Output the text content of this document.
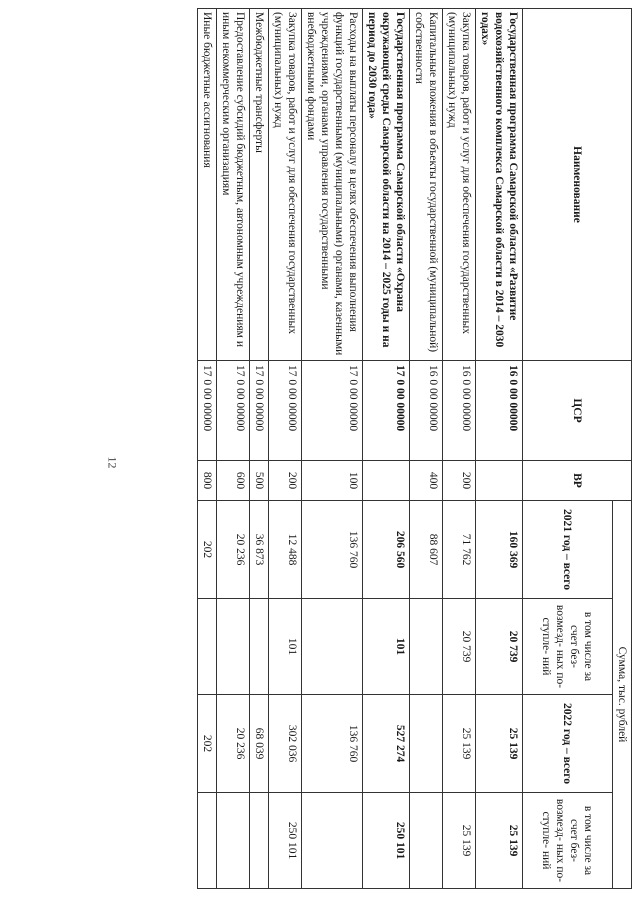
12
Наименование	ЦСР	ВР	Сумма, тыс. рублей			
			2021 год – всего	в том числе за счет без- возмезд- ных по- ступле- ний	2022 год – всего	в том числе за счет без- возмезд- ных по- ступле- ний
Государственная программа Самарской области «Развитие водохозяйственного комплекса Самарской области в 2014 – 2030 годах»	16 0 00 00000		160 369	20 739	25 139	25 139
Закупка товаров, работ и услуг для обеспечения государственных (муниципальных) нужд	16 0 00 00000	200	71 762	20 739	25 139	25 139
Капитальные вложения в объекты государственной (муниципальной) собственности	16 0 00 00000	400	88 607			
Государственная программа Самарской области «Охрана окружающей среды Самарской области на 2014 – 2025 годы и на период до 2030 года»	17 0 00 00000		206 560	101	527 274	250 101
Расходы на выплаты персоналу в целях обеспечения выполнения функций государственными (муниципальными) органами, казенными учреждениями, органами управления государственными внебюджетными фондами	17 0 00 00000	100	136 760		136 760	
Закупка товаров, работ и услуг для обеспечения государственных (муниципальных) нужд	17 0 00 00000	200	12 488	101	302 036	250 101
Межбюджетные трансферты	17 0 00 00000	500	36 873		68 039	
Предоставление субсидий бюджетным, автономным учреждениям и иным некоммерческим организациям	17 0 00 00000	600	20 236		20 236	
Иные бюджетные ассигнования	17 0 00 00000	800	202		202	
